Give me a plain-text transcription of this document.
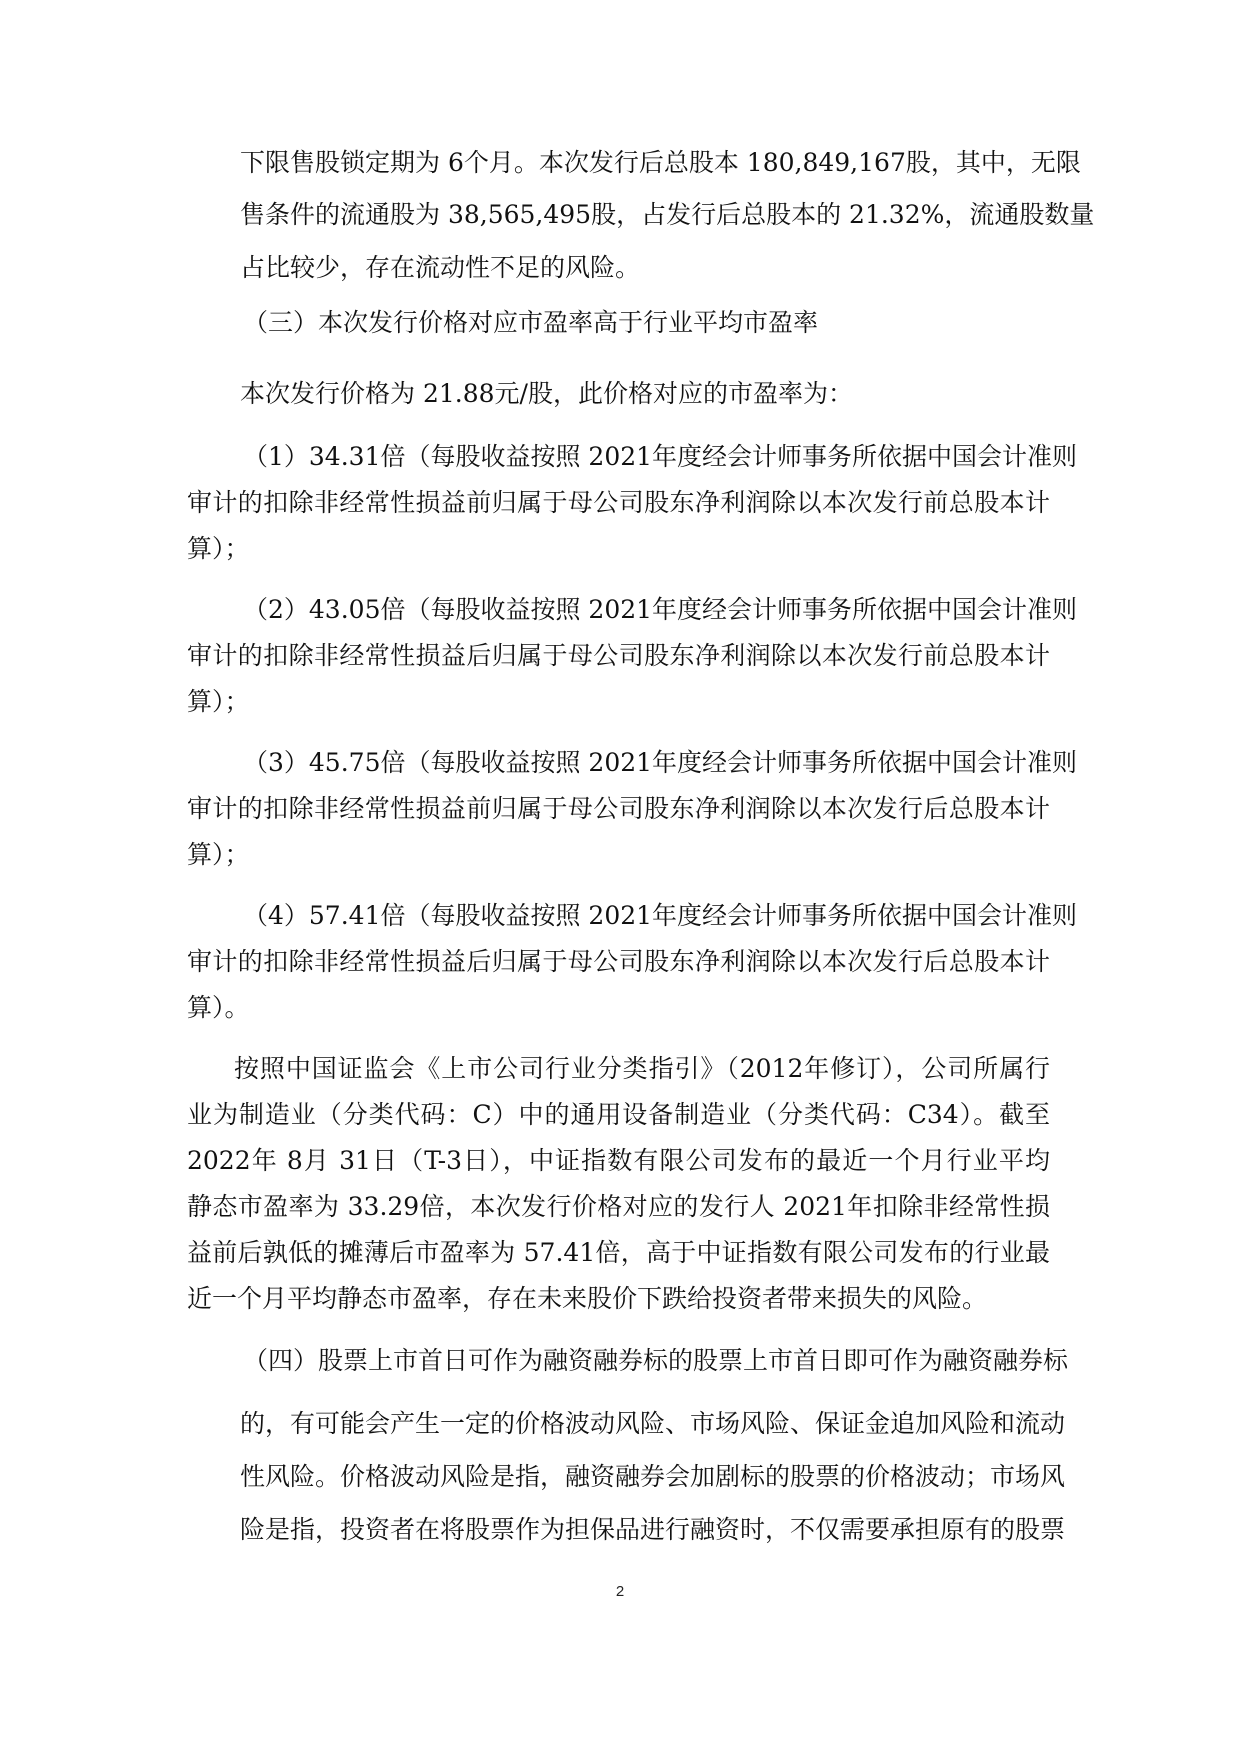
下限售股锁定期为 6个月。本次发行后总股本 180,849,167股，其中，无限
售条件的流通股为 38,565,495股，占发行后总股本的 21.32%，流通股数量
占比较少，存在流动性不足的风险。
（三）本次发行价格对应市盈率高于行业平均市盈率
本次发行价格为 21.88元/股，此价格对应的市盈率为：
（1）34.31倍（每股收益按照 2021年度经会计师事务所依据中国会计准则
审计的扣除非经常性损益前归属于母公司股东净利润除以本次发行前总股本计
算）；
（2）43.05倍（每股收益按照 2021年度经会计师事务所依据中国会计准则
审计的扣除非经常性损益后归属于母公司股东净利润除以本次发行前总股本计
算）；
（3）45.75倍（每股收益按照 2021年度经会计师事务所依据中国会计准则
审计的扣除非经常性损益前归属于母公司股东净利润除以本次发行后总股本计
算）；
（4）57.41倍（每股收益按照 2021年度经会计师事务所依据中国会计准则
审计的扣除非经常性损益后归属于母公司股东净利润除以本次发行后总股本计
算）。
按照中国证监会《上市公司行业分类指引》（2012年修订），公司所属行
业为制造业（分类代码：C）中的通用设备制造业（分类代码：C34）。截至
2022年 8月 31日（T-3日），中证指数有限公司发布的最近一个月行业平均
静态市盈率为 33.29倍，本次发行价格对应的发行人 2021年扣除非经常性损
益前后孰低的摊薄后市盈率为 57.41倍，高于中证指数有限公司发布的行业最
近一个月平均静态市盈率，存在未来股价下跌给投资者带来损失的风险。
（四）股票上市首日可作为融资融券标的股票上市首日即可作为融资融券标
的，有可能会产生一定的价格波动风险、市场风险、保证金追加风险和流动
性风险。价格波动风险是指，融资融券会加剧标的股票的价格波动；市场风
险是指，投资者在将股票作为担保品进行融资时，不仅需要承担原有的股票
2
